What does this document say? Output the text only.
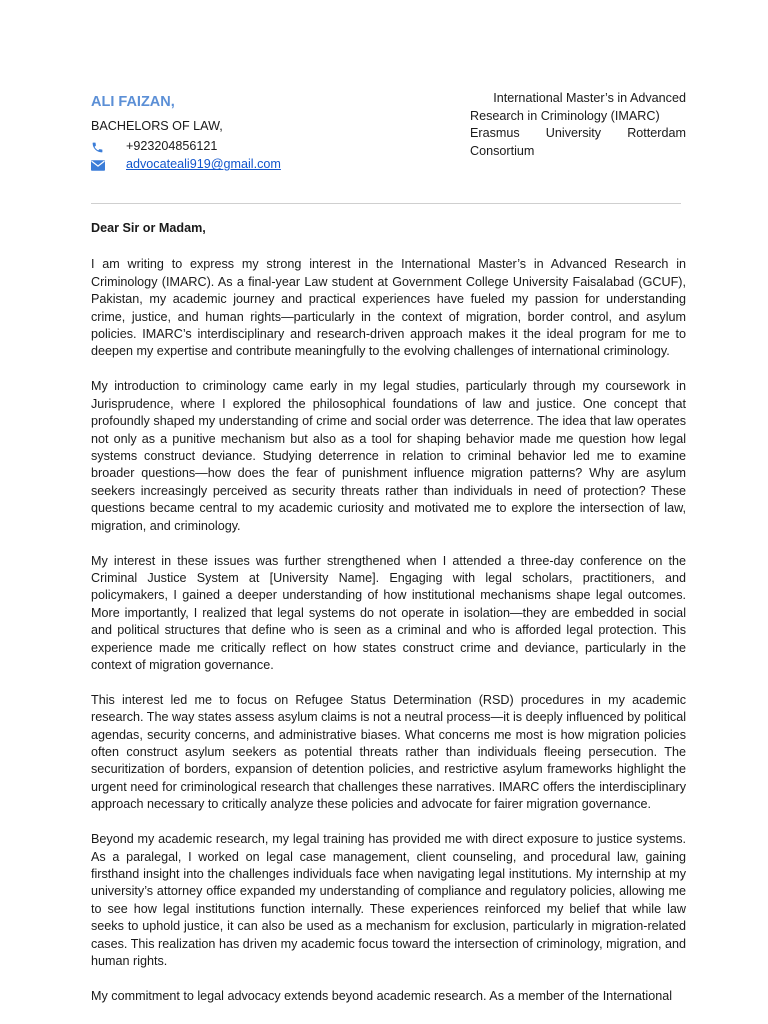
ALI FAIZAN,
BACHELORS OF LAW,
+923204856121
advocateali919@gmail.com
International Master’s in Advanced
Research in Criminology (IMARC)
Erasmus University Rotterdam
Consortium

Dear Sir or Madam,

I am writing to express my strong interest in the International Master’s in Advanced Research in Criminology (IMARC). As a final-year Law student at Government College University Faisalabad (GCUF), Pakistan, my academic journey and practical experiences have fueled my passion for understanding crime, justice, and human rights—particularly in the context of migration, border control, and asylum policies. IMARC’s interdisciplinary and research-driven approach makes it the ideal program for me to deepen my expertise and contribute meaningfully to the evolving challenges of international criminology.

My introduction to criminology came early in my legal studies, particularly through my coursework in Jurisprudence, where I explored the philosophical foundations of law and justice. One concept that profoundly shaped my understanding of crime and social order was deterrence. The idea that law operates not only as a punitive mechanism but also as a tool for shaping behavior made me question how legal systems construct deviance. Studying deterrence in relation to criminal behavior led me to examine broader questions—how does the fear of punishment influence migration patterns? Why are asylum seekers increasingly perceived as security threats rather than individuals in need of protection? These questions became central to my academic curiosity and motivated me to explore the intersection of law, migration, and criminology.

My interest in these issues was further strengthened when I attended a three-day conference on the Criminal Justice System at [University Name]. Engaging with legal scholars, practitioners, and policymakers, I gained a deeper understanding of how institutional mechanisms shape legal outcomes. More importantly, I realized that legal systems do not operate in isolation—they are embedded in social and political structures that define who is seen as a criminal and who is afforded legal protection. This experience made me critically reflect on how states construct crime and deviance, particularly in the context of migration governance.

This interest led me to focus on Refugee Status Determination (RSD) procedures in my academic research. The way states assess asylum claims is not a neutral process—it is deeply influenced by political agendas, security concerns, and administrative biases. What concerns me most is how migration policies often construct asylum seekers as potential threats rather than individuals fleeing persecution. The securitization of borders, expansion of detention policies, and restrictive asylum frameworks highlight the urgent need for criminological research that challenges these narratives. IMARC offers the interdisciplinary approach necessary to critically analyze these policies and advocate for fairer migration governance.

Beyond my academic research, my legal training has provided me with direct exposure to justice systems. As a paralegal, I worked on legal case management, client counseling, and procedural law, gaining firsthand insight into the challenges individuals face when navigating legal institutions. My internship at my university’s attorney office expanded my understanding of compliance and regulatory policies, allowing me to see how legal institutions function internally. These experiences reinforced my belief that while law seeks to uphold justice, it can also be used as a mechanism for exclusion, particularly in migration-related cases. This realization has driven my academic focus toward the intersection of criminology, migration, and human rights.

My commitment to legal advocacy extends beyond academic research. As a member of the International
